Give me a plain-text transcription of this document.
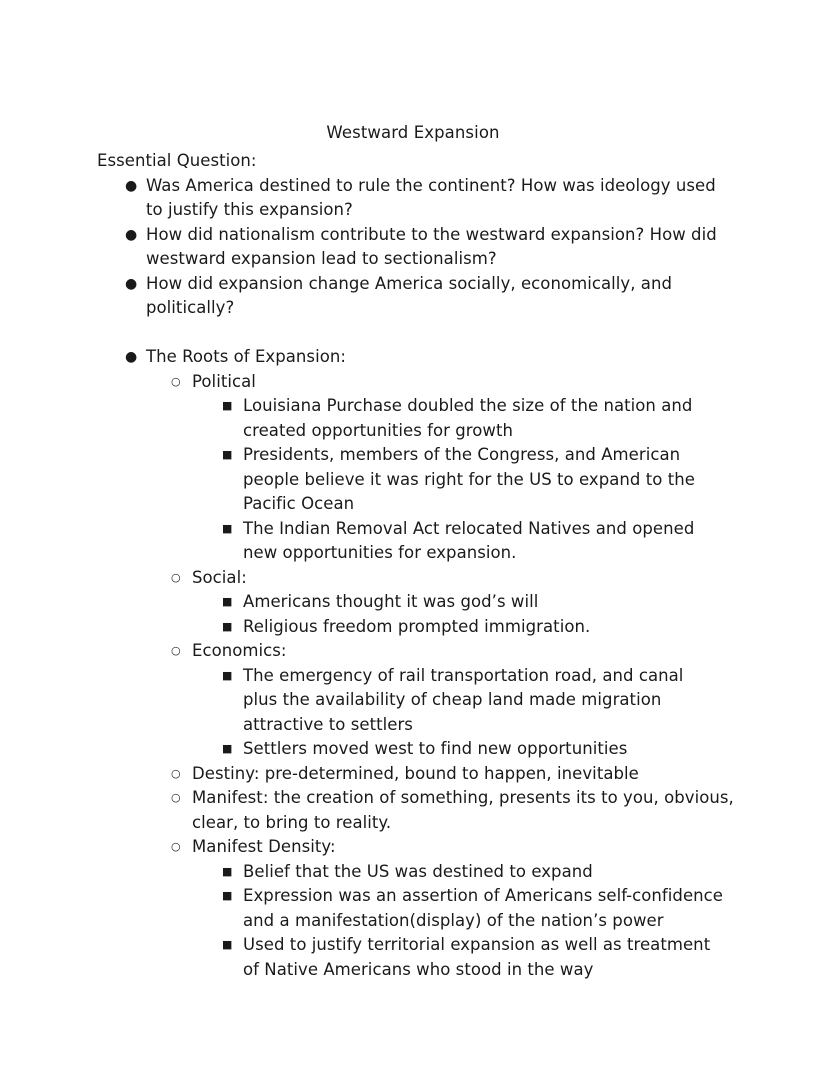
Westward Expansion
Essential Question:
● Was America destined to rule the continent? How was ideology used to justify this expansion?
● How did nationalism contribute to the westward expansion? How did westward expansion lead to sectionalism?
● How did expansion change America socially, economically, and politically?
● The Roots of Expansion:
○ Political
■ Louisiana Purchase doubled the size of the nation and created opportunities for growth
■ Presidents, members of the Congress, and American people believe it was right for the US to expand to the Pacific Ocean
■ The Indian Removal Act relocated Natives and opened new opportunities for expansion.
○ Social:
■ Americans thought it was god’s will
■ Religious freedom prompted immigration.
○ Economics:
■ The emergency of rail transportation road, and canal plus the availability of cheap land made migration attractive to settlers
■ Settlers moved west to find new opportunities
○ Destiny: pre-determined, bound to happen, inevitable
○ Manifest: the creation of something, presents its to you, obvious, clear, to bring to reality.
○ Manifest Density:
■ Belief that the US was destined to expand
■ Expression was an assertion of Americans self-confidence and a manifestation(display) of the nation’s power
■ Used to justify territorial expansion as well as treatment of Native Americans who stood in the way
